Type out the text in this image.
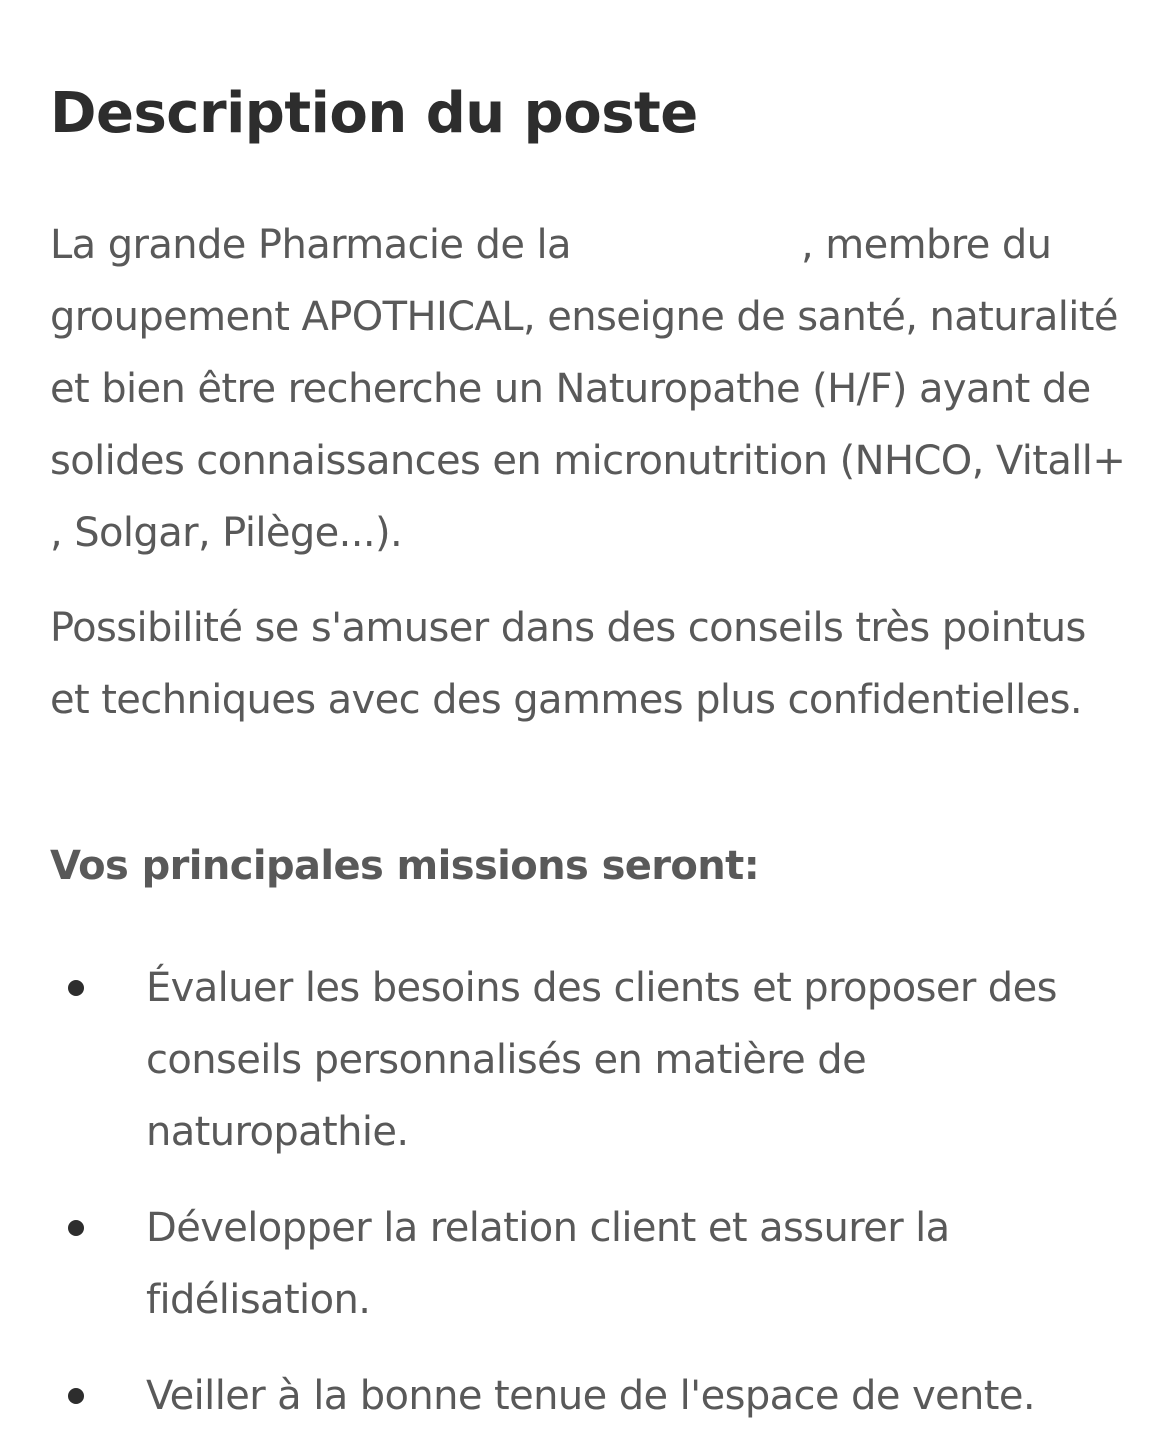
Description du poste

La grande Pharmacie de la	, membre du groupement APOTHICAL, enseigne de santé, naturalité et bien être recherche un Naturopathe (H/F) ayant de solides connaissances en micronutrition (NHCO, Vitall+ , Solgar, Pilège...).

Possibilité se s'amuser dans des conseils très pointus et techniques avec des gammes plus confidentielles.

Vos principales missions seront:

Évaluer les besoins des clients et proposer des conseils personnalisés en matière de naturopathie.
Développer la relation client et assurer la fidélisation.
Veiller à la bonne tenue de l'espace de vente.
